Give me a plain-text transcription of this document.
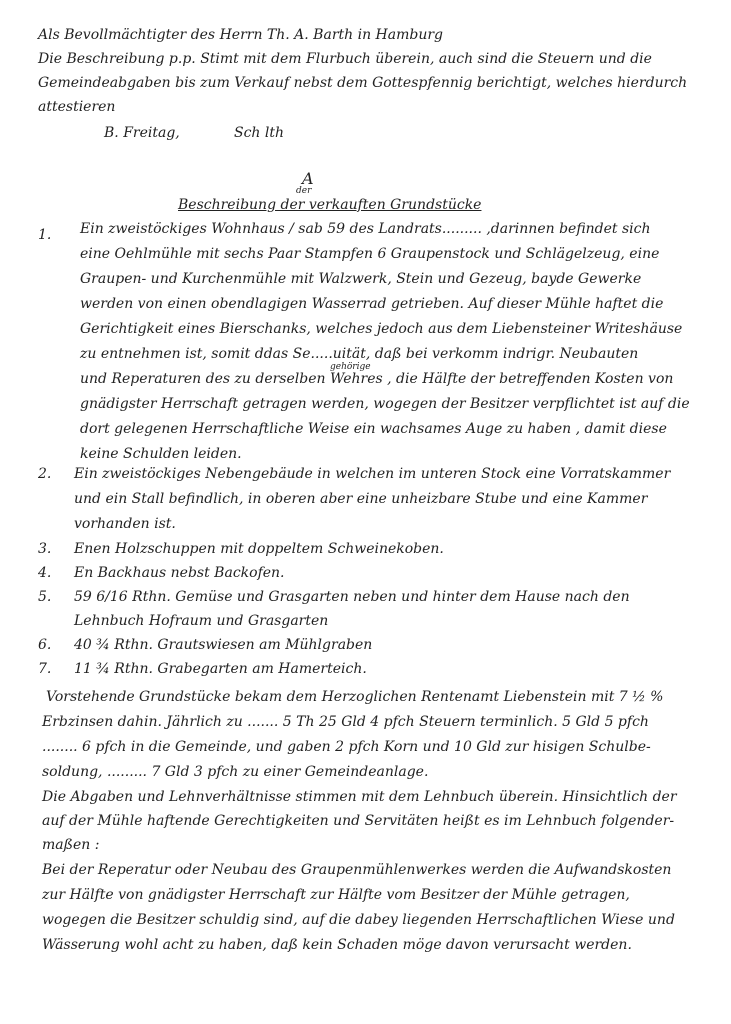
Als Bevollmächtigter des Herrn Th. A. Barth in Hamburg
Die Beschreibung p.p. Stimt mit dem Flurbuch überein, auch sind die Steuern und die
Gemeindeabgaben bis zum Verkauf nebst dem Gottespfennig berichtigt, welches hierdurch
attestieren
B. Freitag,	Sch lth
A
der
Beschreibung der verkauften Grundstücke
1. Ein zweistöckiges Wohnhaus / sab 59 des Landrats......... ,darinnen befindet sich
eine Oehlmühle mit sechs Paar Stampfen 6 Graupenstock und Schlägelzeug, eine
Graupen- und Kurchenmühle mit Walzwerk, Stein und Gezeug, bayde Gewerke
werden von einen obendlagigen Wasserrad getrieben. Auf dieser Mühle haftet die
Gerichtigkeit eines Bierschanks, welches jedoch aus dem Liebensteiner Writeshäuse
zu entnehmen ist, somit ddas Se.....uität, daß bei verkomm indrigr. Neubauten
gehörige
und Reperaturen des zu derselben Wehres , die Hälfte der betreffenden Kosten von
gnädigster Herrschaft getragen werden, wogegen der Besitzer verpflichtet ist auf die
dort gelegenen Herrschaftliche Weise ein wachsames Auge zu haben , damit diese
keine Schulden leiden.
2. Ein zweistöckiges Nebengebäude in welchen im unteren Stock eine Vorratskammer
und ein Stall befindlich, in oberen aber eine unheizbare Stube und eine Kammer
vorhanden ist.
3. Enen Holzschuppen mit doppeltem Schweinekoben.
4. En Backhaus nebst Backofen.
5. 59 6/16 Rthn. Gemüse und Grasgarten neben und hinter dem Hause nach den
Lehnbuch Hofraum und Grasgarten
6. 40 ¾ Rthn. Grautswiesen am Mühlgraben
7. 11 ¾ Rthn. Grabegarten am Hamerteich.
Vorstehende Grundstücke bekam dem Herzoglichen Rentenamt Liebenstein mit 7 ½ %
Erbzinsen dahin. Jährlich zu ....... 5 Th 25 Gld 4 pfch Steuern terminlich. 5 Gld 5 pfch
........ 6 pfch in die Gemeinde, und gaben 2 pfch Korn und 10 Gld zur hisigen Schulbe-
soldung, ......... 7 Gld 3 pfch zu einer Gemeindeanlage.
Die Abgaben und Lehnverhältnisse stimmen mit dem Lehnbuch überein. Hinsichtlich der
auf der Mühle haftende Gerechtigkeiten und Servitäten heißt es im Lehnbuch folgender-
maßen :
Bei der Reperatur oder Neubau des Graupenmühlenwerkes werden die Aufwandskosten
zur Hälfte von gnädigster Herrschaft zur Hälfte vom Besitzer der Mühle getragen,
wogegen die Besitzer schuldig sind, auf die dabey liegenden Herrschaftlichen Wiese und
Wässerung wohl acht zu haben, daß kein Schaden möge davon verursacht werden.
